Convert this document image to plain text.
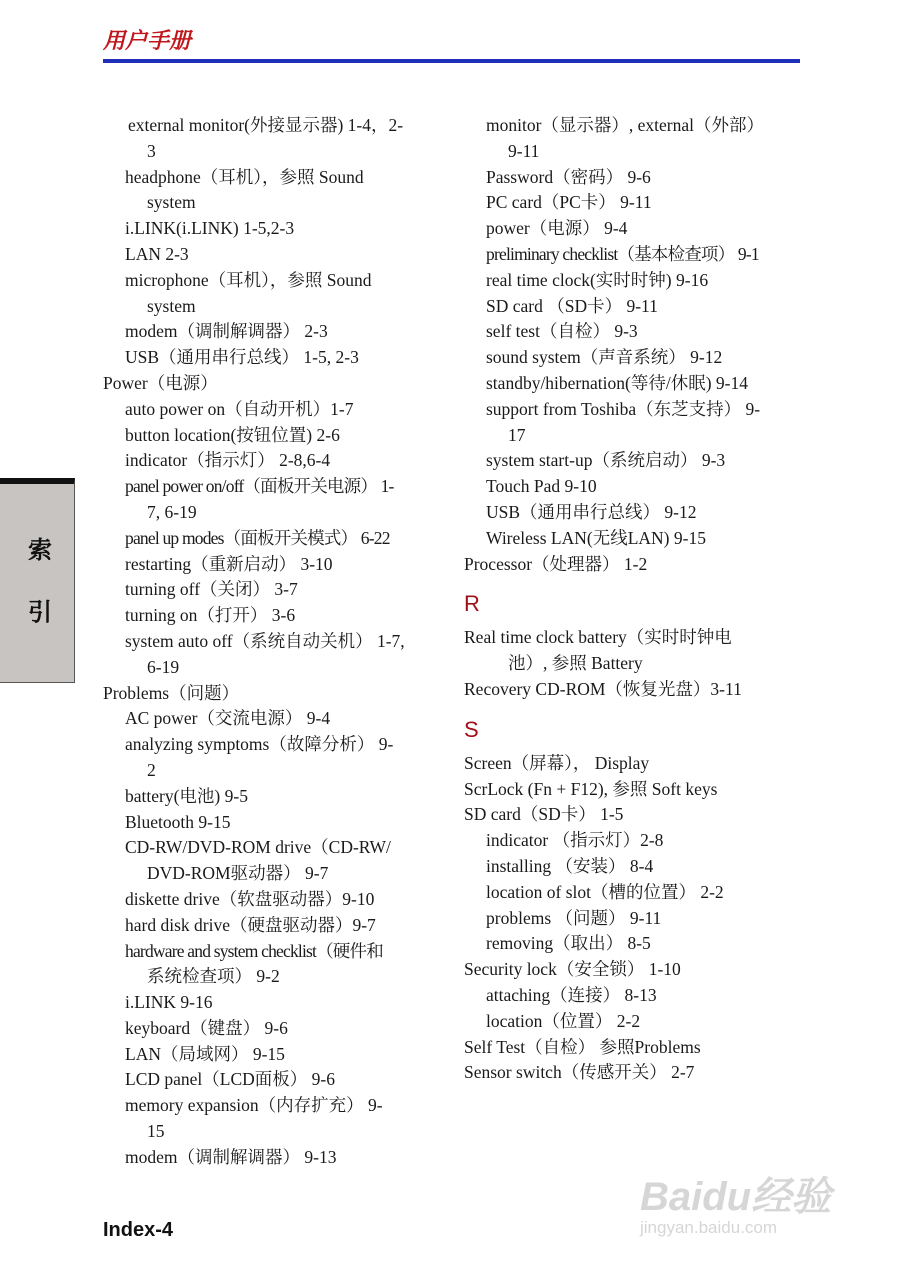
用户手册
索
引
external monitor(外接显示器) 1-4，2-
3
headphone（耳机），参照 Sound
system
i.LINK(i.LINK) 1-5,2-3
LAN 2-3
microphone（耳机），参照 Sound
system
modem（调制解调器） 2-3
USB（通用串行总线） 1-5, 2-3
Power（电源）
auto power on（自动开机）1-7
button location(按钮位置) 2-6
indicator（指示灯） 2-8,6-4
panel power on/off（面板开关电源） 1-
7, 6-19
panel up modes（面板开关模式） 6-22
restarting（重新启动） 3-10
turning off（关闭） 3-7
turning on（打开） 3-6
system auto off（系统自动关机） 1-7,
6-19
Problems（问题）
AC power（交流电源） 9-4
analyzing symptoms（故障分析） 9-
2
battery(电池) 9-5
Bluetooth 9-15
CD-RW/DVD-ROM drive（CD-RW/
DVD-ROM驱动器） 9-7
diskette drive（软盘驱动器）9-10
hard disk drive（硬盘驱动器）9-7
hardware and system checklist（硬件和
系统检查项） 9-2
i.LINK 9-16
keyboard（键盘） 9-6
LAN（局域网） 9-15
LCD panel（LCD面板） 9-6
memory expansion（内存扩充） 9-
15
modem（调制解调器） 9-13
monitor（显示器）, external（外部）
9-11
Password（密码） 9-6
PC card（PC卡） 9-11
power（电源） 9-4
preliminary checklist（基本检查项） 9-1
real time clock(实时时钟) 9-16
SD card （SD卡） 9-11
self test（自检） 9-3
sound system（声音系统） 9-12
standby/hibernation(等待/休眠) 9-14
support from Toshiba（东芝支持） 9-
17
system start-up（系统启动） 9-3
Touch Pad 9-10
USB（通用串行总线） 9-12
Wireless LAN(无线LAN) 9-15
Processor（处理器） 1-2
R
Real time clock battery（实时时钟电
池）, 参照 Battery
Recovery CD-ROM（恢复光盘）3-11
S
Screen（屏幕）， Display
ScrLock (Fn + F12), 参照 Soft keys
SD card（SD卡） 1-5
indicator （指示灯）2-8
installing （安装） 8-4
location of slot（槽的位置） 2-2
problems （问题） 9-11
removing（取出） 8-5
Security lock（安全锁） 1-10
attaching（连接） 8-13
location（位置） 2-2
Self Test（自检） 参照Problems
Sensor switch（传感开关） 2-7
Index-4
Baidu经验
jingyan.baidu.com
